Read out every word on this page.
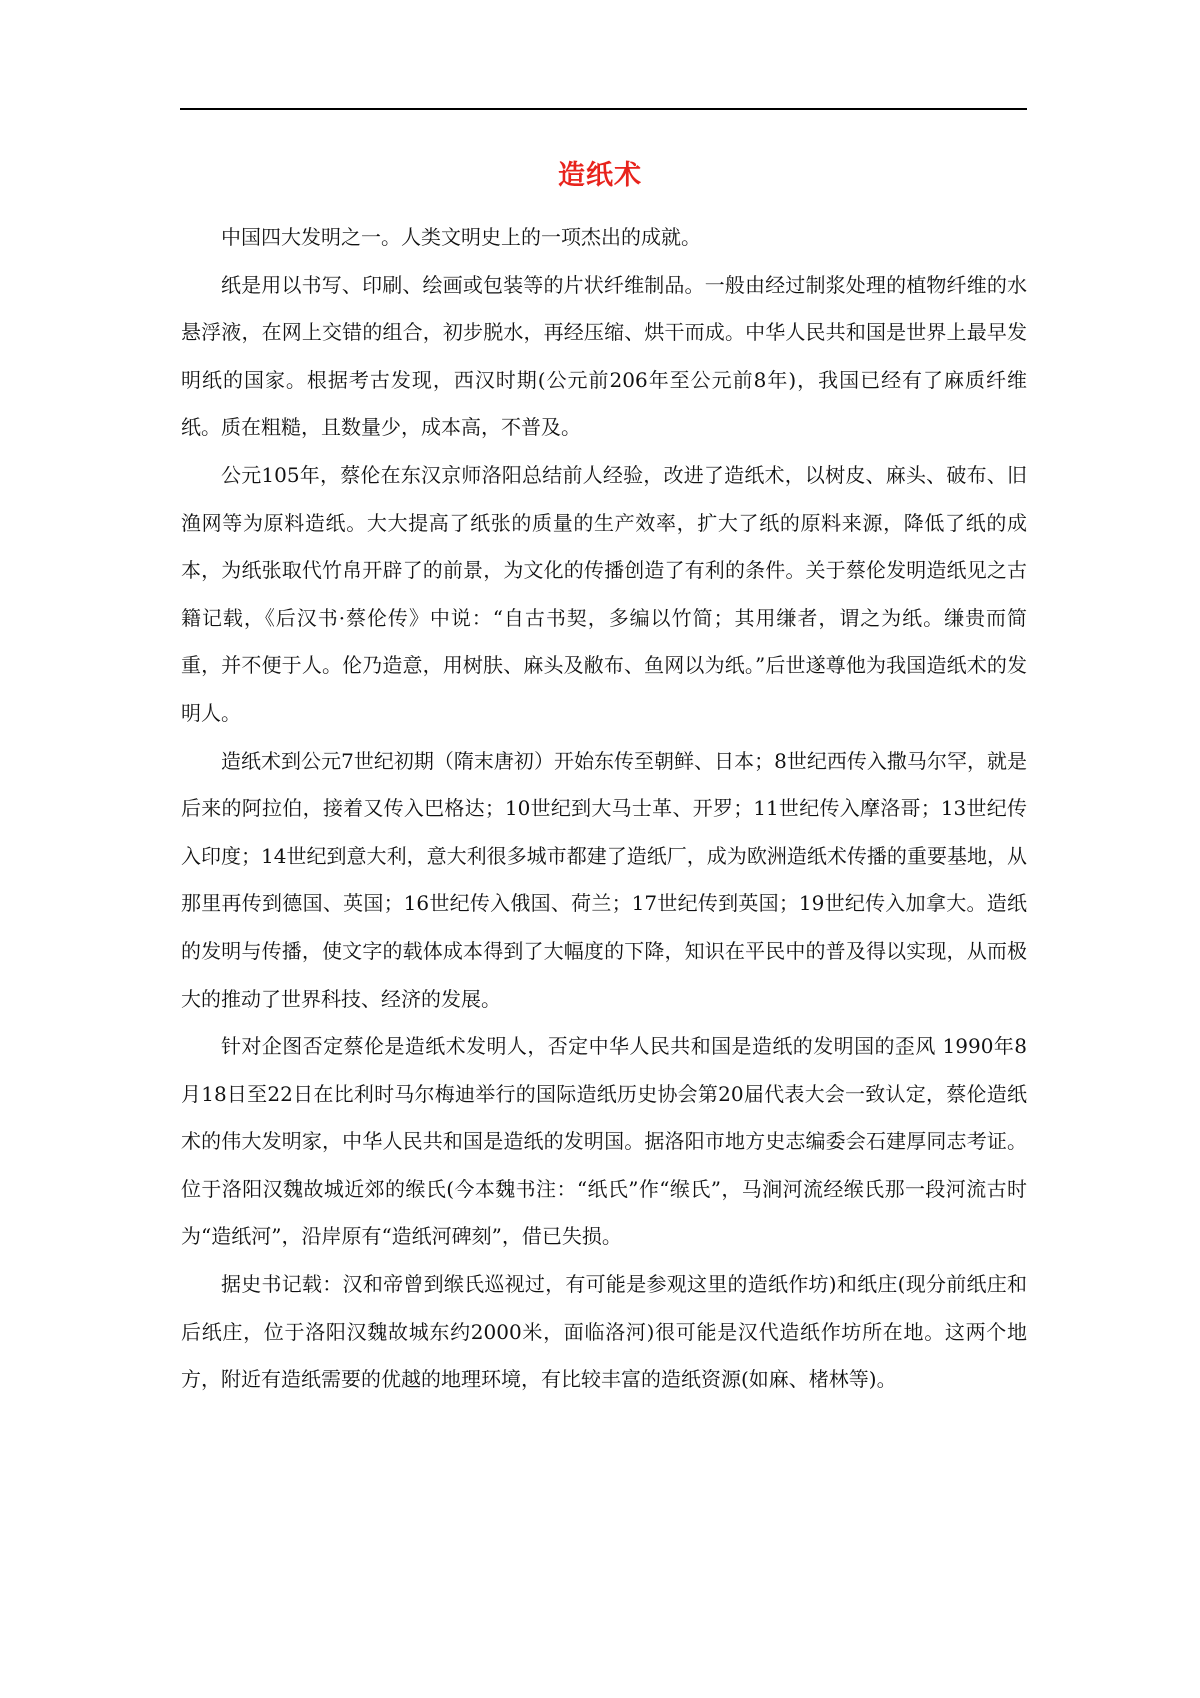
造纸术

中国四大发明之一。人类文明史上的一项杰出的成就。

纸是用以书写、印刷、绘画或包装等的片状纤维制品。一般由经过制浆处理的植物纤维的水悬浮液，在网上交错的组合，初步脱水，再经压缩、烘干而成。中华人民共和国是世界上最早发明纸的国家。根据考古发现，西汉时期(公元前206年至公元前8年)，我国已经有了麻质纤维纸。质在粗糙，且数量少，成本高，不普及。

公元105年，蔡伦在东汉京师洛阳总结前人经验，改进了造纸术，以树皮、麻头、破布、旧渔网等为原料造纸。大大提高了纸张的质量的生产效率，扩大了纸的原料来源，降低了纸的成本，为纸张取代竹帛开辟了的前景，为文化的传播创造了有利的条件。关于蔡伦发明造纸见之古籍记载，《后汉书·蔡伦传》中说：“自古书契，多编以竹简；其用缣者，谓之为纸。缣贵而简重，并不便于人。伦乃造意，用树肤、麻头及敝布、鱼网以为纸。”后世遂尊他为我国造纸术的发明人。

造纸术到公元7世纪初期（隋末唐初）开始东传至朝鲜、日本；8世纪西传入撒马尔罕，就是后来的阿拉伯，接着又传入巴格达；10世纪到大马士革、开罗；11世纪传入摩洛哥；13世纪传入印度；14世纪到意大利，意大利很多城市都建了造纸厂，成为欧洲造纸术传播的重要基地，从那里再传到德国、英国；16世纪传入俄国、荷兰；17世纪传到英国；19世纪传入加拿大。造纸的发明与传播，使文字的载体成本得到了大幅度的下降，知识在平民中的普及得以实现，从而极大的推动了世界科技、经济的发展。

针对企图否定蔡伦是造纸术发明人，否定中华人民共和国是造纸的发明国的歪风 1990年8月18日至22日在比利时马尔梅迪举行的国际造纸历史协会第20届代表大会一致认定，蔡伦造纸术的伟大发明家，中华人民共和国是造纸的发明国。据洛阳市地方史志编委会石建厚同志考证。位于洛阳汉魏故城近郊的缑氏(今本魏书注：“纸氏”作“缑氏”，马涧河流经缑氏那一段河流古时为“造纸河”，沿岸原有“造纸河碑刻”，借已失损。

据史书记载：汉和帝曾到缑氏巡视过，有可能是参观这里的造纸作坊)和纸庄(现分前纸庄和后纸庄，位于洛阳汉魏故城东约2000米，面临洛河)很可能是汉代造纸作坊所在地。这两个地方，附近有造纸需要的优越的地理环境，有比较丰富的造纸资源(如麻、楮林等)。
